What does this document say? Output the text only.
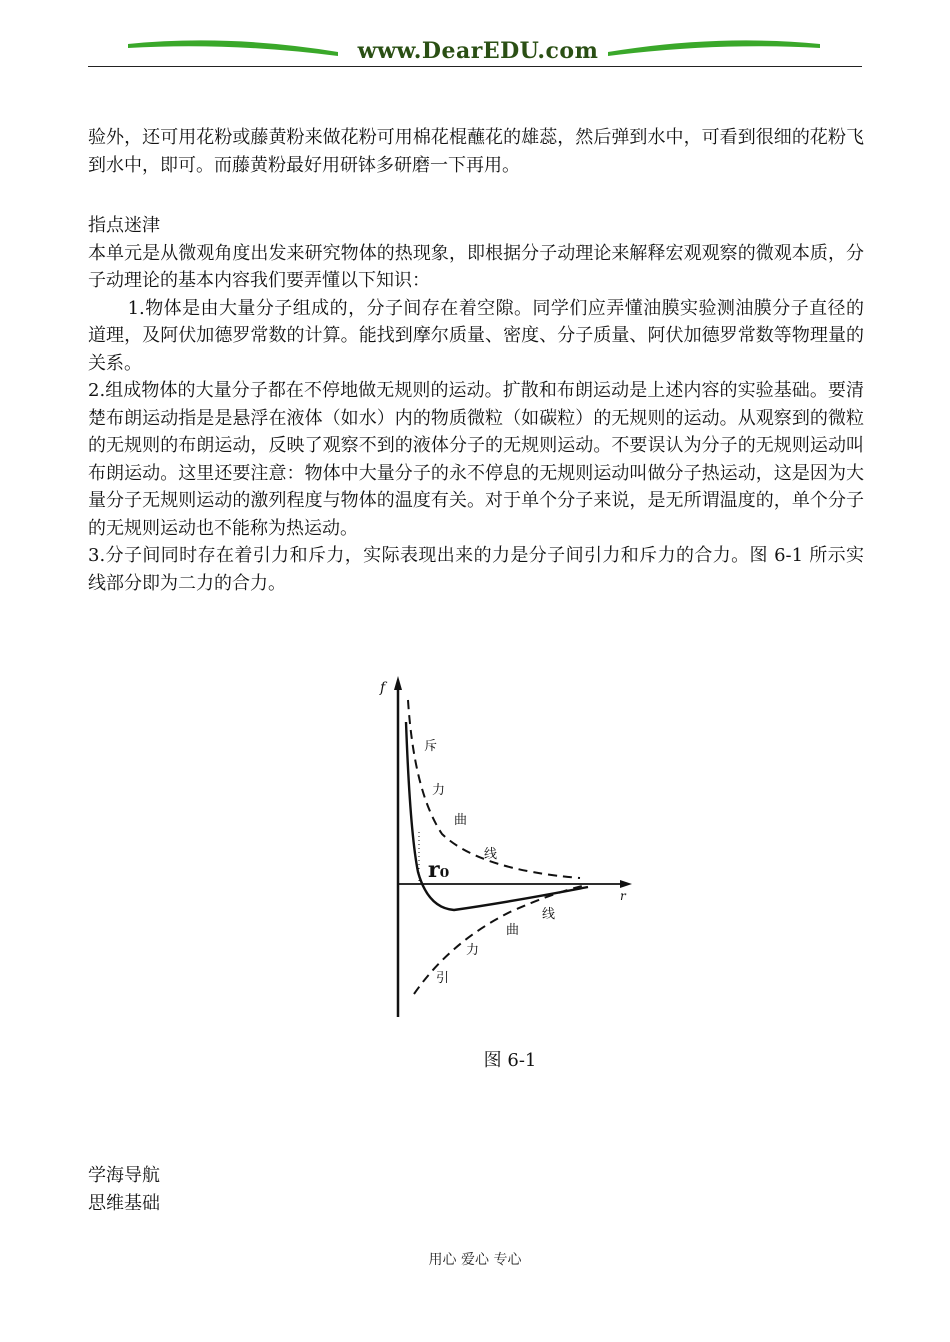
www.DearEDU.com

验外，还可用花粉或藤黄粉来做花粉可用棉花棍蘸花的雄蕊，然后弹到水中，可看到很细的花粉飞到水中，即可。而藤黄粉最好用研钵多研磨一下再用。

指点迷津

本单元是从微观角度出发来研究物体的热现象，即根据分子动理论来解释宏观观察的微观本质，分子动理论的基本内容我们要弄懂以下知识：

1.物体是由大量分子组成的，分子间存在着空隙。同学们应弄懂油膜实验测油膜分子直径的道理，及阿伏加德罗常数的计算。能找到摩尔质量、密度、分子质量、阿伏加德罗常数等物理量的关系。

2.组成物体的大量分子都在不停地做无规则的运动。扩散和布朗运动是上述内容的实验基础。要清楚布朗运动指是是悬浮在液体（如水）内的物质微粒（如碳粒）的无规则的运动。从观察到的微粒的无规则的布朗运动，反映了观察不到的液体分子的无规则运动。不要误认为分子的无规则运动叫布朗运动。这里还要注意：物体中大量分子的永不停息的无规则运动叫做分子热运动，这是因为大量分子无规则运动的激列程度与物体的温度有关。对于单个分子来说，是无所谓温度的，单个分子的无规则运动也不能称为热运动。

3.分子间同时存在着引力和斥力，实际表现出来的力是分子间引力和斥力的合力。图 6-1 所示实线部分即为二力的合力。

f
r
r₀
斥
力
曲
线
线
曲
力
引
图 6-1

学海导航

思维基础

用心 爱心 专心
